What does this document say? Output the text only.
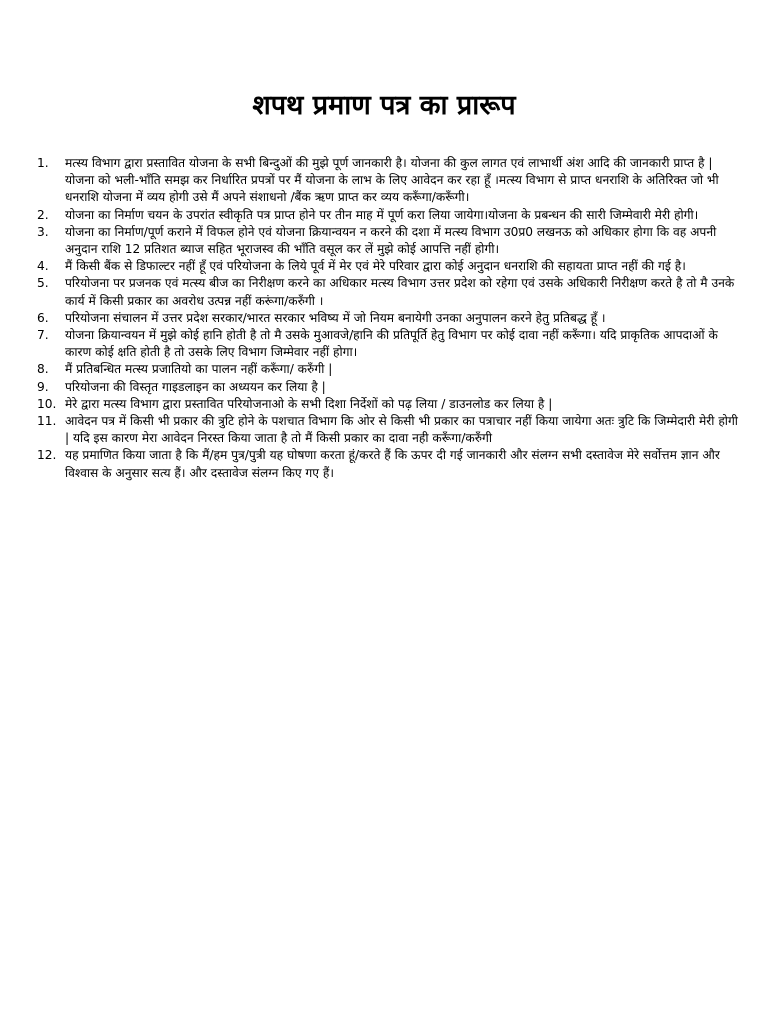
शपथ प्रमाण पत्र का प्रारूप
1.	मत्स्य विभाग द्वारा प्रस्तावित योजना के सभी बिन्दुओं की मुझे पूर्ण जानकारी है। योजना की कुल लागत एवं लाभार्थी अंश आदि की जानकारी प्राप्त है | योजना को भली-भाँति समझ कर निर्धारित प्रपत्रों पर मैं योजना के लाभ के लिए आवेदन कर रहा हूँ ।मत्स्य विभाग से प्राप्त धनराशि के अतिरिक्त जो भी धनराशि योजना में व्यय होगी उसे मैं अपने संशाधनो /बैंक ऋण प्राप्त कर व्यय करूँगा/करूँगी।
2.	योजना का निर्माण चयन के उपरांत स्वीकृति पत्र प्राप्त होने पर तीन माह में पूर्ण करा लिया जायेगा।योजना के प्रबन्धन की सारी जिम्मेवारी मेरी होगी।
3.	योजना का निर्माण/पूर्ण कराने में विफल होने एवं योजना क्रियान्वयन न करने की दशा में मत्स्य विभाग उ0प्र0 लखनऊ को अधिकार होगा कि वह अपनी अनुदान राशि 12 प्रतिशत ब्याज सहित भूराजस्व की भाँति वसूल कर लें मुझे कोई आपत्ति नहीं होगी।
4.	मैं किसी बैंक से डिफाल्टर नहीं हूँ एवं परियोजना के लिये पूर्व में मेर एवं मेरे परिवार द्वारा कोई अनुदान धनराशि की सहायता प्राप्त नहीं की गई है।
5.	परियोजना पर प्रजनक एवं मत्स्य बीज का निरीक्षण करने का अधिकार मत्स्य विभाग उत्तर प्रदेश को रहेगा एवं उसके अधिकारी निरीक्षण करते है तो मै उनके कार्य में किसी प्रकार का अवरोध उत्पन्न नहीं करूंगा/करुँगी ।
6.	परियोजना संचालन में उत्तर प्रदेश सरकार/भारत सरकार भविष्य में जो नियम बनायेगी उनका अनुपालन करने हेतु प्रतिबद्ध हूँ ।
7.	योजना क्रियान्वयन में मुझे कोई हानि होती है तो मै उसके मुआवजे/हानि की प्रतिपूर्ति हेतु विभाग पर कोई दावा नहीं करूँगा। यदि प्राकृतिक आपदाओं के कारण कोई क्षति होती है तो उसके लिए विभाग जिम्मेवार नहीं होगा।
8.	मैं प्रतिबन्धित मत्स्य प्रजातियो का पालन नहीं करूँगा/ करुँगी |
9.	परियोजना की विस्तृत गाइडलाइन का अध्ययन कर लिया है |
10. मेरे द्वारा मत्स्य विभाग द्वारा प्रस्तावित परियोजनाओ के सभी दिशा निर्देशों को पढ़ लिया / डाउनलोड कर लिया है |
11. आवेदन पत्र में किसी भी प्रकार की त्रुटि होने के पशचात विभाग कि ओर से किसी भी प्रकार का पत्राचार नहीं किया जायेगा अतः त्रुटि कि जिम्मेदारी मेरी होगी | यदि इस कारण मेरा आवेदन निरस्त किया जाता है तो मैं किसी प्रकार का दावा नही करूँगा/करुँगी
12. यह प्रमाणित किया जाता है कि मैं/हम पुत्र/पुत्री यह घोषणा करता हूं/करते हैं कि ऊपर दी गई जानकारी और संलग्न सभी दस्तावेज मेरे सर्वोत्तम ज्ञान और विश्वास के अनुसार सत्य हैं। और दस्तावेज संलग्न किए गए हैं।
